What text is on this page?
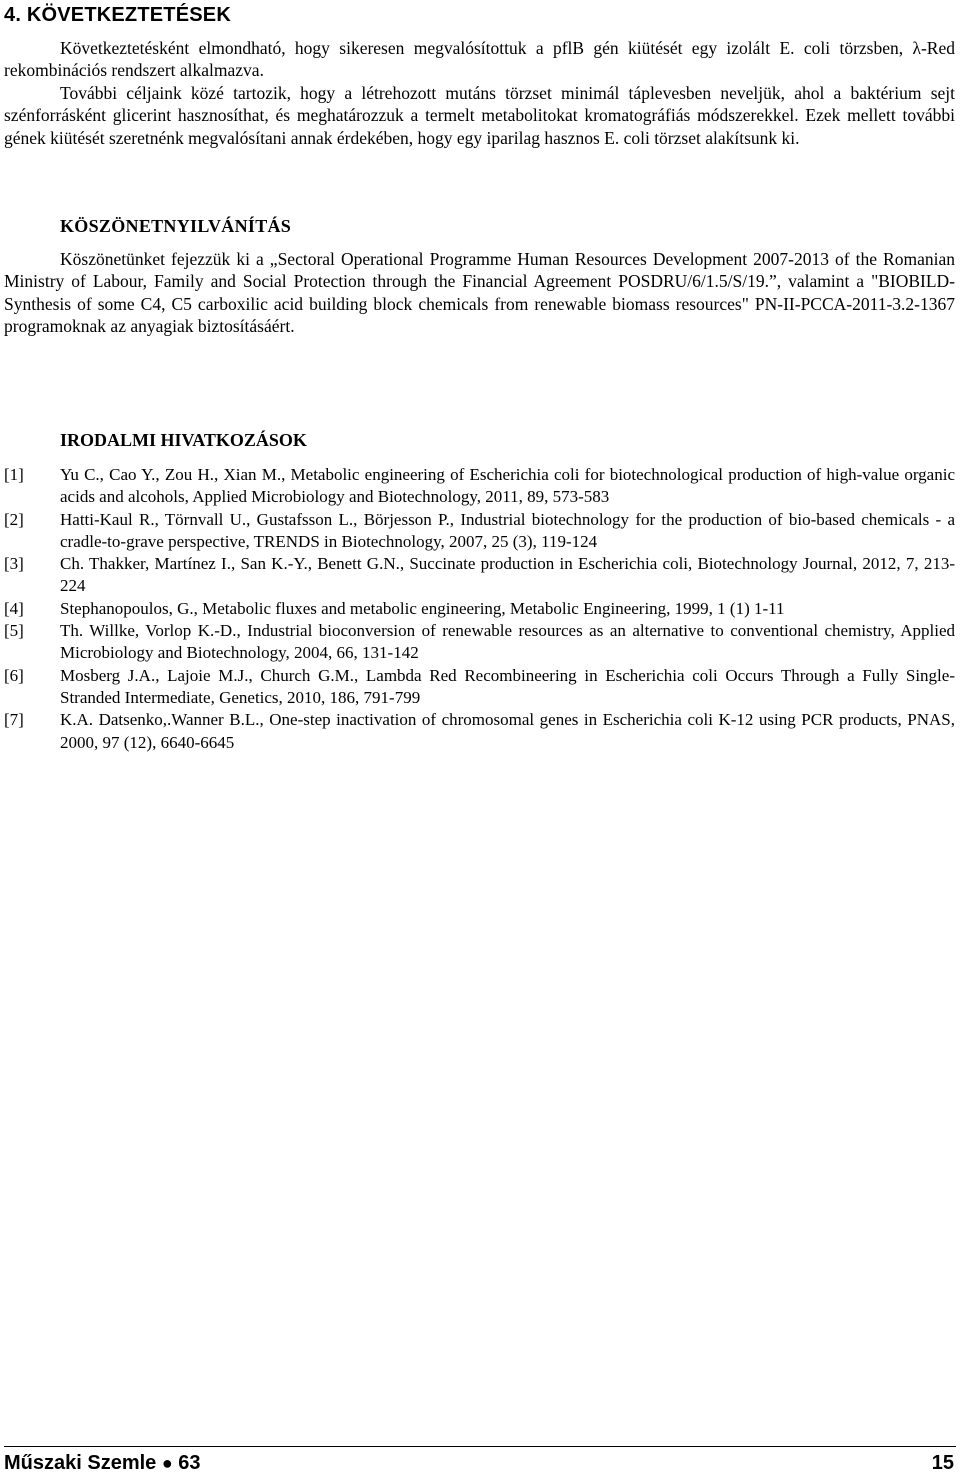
4. KÖVETKEZTETÉSEK
Következtetésként elmondható, hogy sikeresen megvalósítottuk a pflB gén kiütését egy izolált E. coli törzsben, λ-Red rekombinációs rendszert alkalmazva.
További céljaink közé tartozik, hogy a létrehozott mutáns törzset minimál táplevesben neveljük, ahol a baktérium sejt szénforrásként glicerint hasznosíthat, és meghatározzuk a termelt metabolitokat kromatográfiás módszerekkel. Ezek mellett további gének kiütését szeretnénk megvalósítani annak érdekében, hogy egy iparilag hasznos E. coli törzset alakítsunk ki.
KÖSZÖNETNYILVÁNÍTÁS
Köszönetünket fejezzük ki a „Sectoral Operational Programme Human Resources Development 2007-2013 of the Romanian Ministry of Labour, Family and Social Protection through the Financial Agreement POSDRU/6/1.5/S/19.”, valamint a "BIOBILD-Synthesis of some C4, C5 carboxilic acid building block chemicals from renewable biomass resources" PN-II-PCCA-2011-3.2-1367 programoknak az anyagiak biztosításáért.
IRODALMI HIVATKOZÁSOK
[1] Yu C., Cao Y., Zou H., Xian M., Metabolic engineering of Escherichia coli for biotechnological production of high-value organic acids and alcohols, Applied Microbiology and Biotechnology, 2011, 89, 573-583
[2] Hatti-Kaul R., Törnvall U., Gustafsson L., Börjesson P., Industrial biotechnology for the production of bio-based chemicals - a cradle-to-grave perspective, TRENDS in Biotechnology, 2007, 25 (3), 119-124
[3] Ch. Thakker, Martínez I., San K.-Y., Benett G.N., Succinate production in Escherichia coli, Biotechnology Journal, 2012, 7, 213-224
[4] Stephanopoulos, G., Metabolic fluxes and metabolic engineering, Metabolic Engineering, 1999, 1 (1) 1-11
[5] Th. Willke, Vorlop K.-D., Industrial bioconversion of renewable resources as an alternative to conventional chemistry, Applied Microbiology and Biotechnology, 2004, 66, 131-142
[6] Mosberg J.A., Lajoie M.J., Church G.M., Lambda Red Recombineering in Escherichia coli Occurs Through a Fully Single-Stranded Intermediate, Genetics, 2010, 186, 791-799
[7] K.A. Datsenko,.Wanner B.L., One-step inactivation of chromosomal genes in Escherichia coli K-12 using PCR products, PNAS, 2000, 97 (12), 6640-6645
Műszaki Szemle ● 63	15
